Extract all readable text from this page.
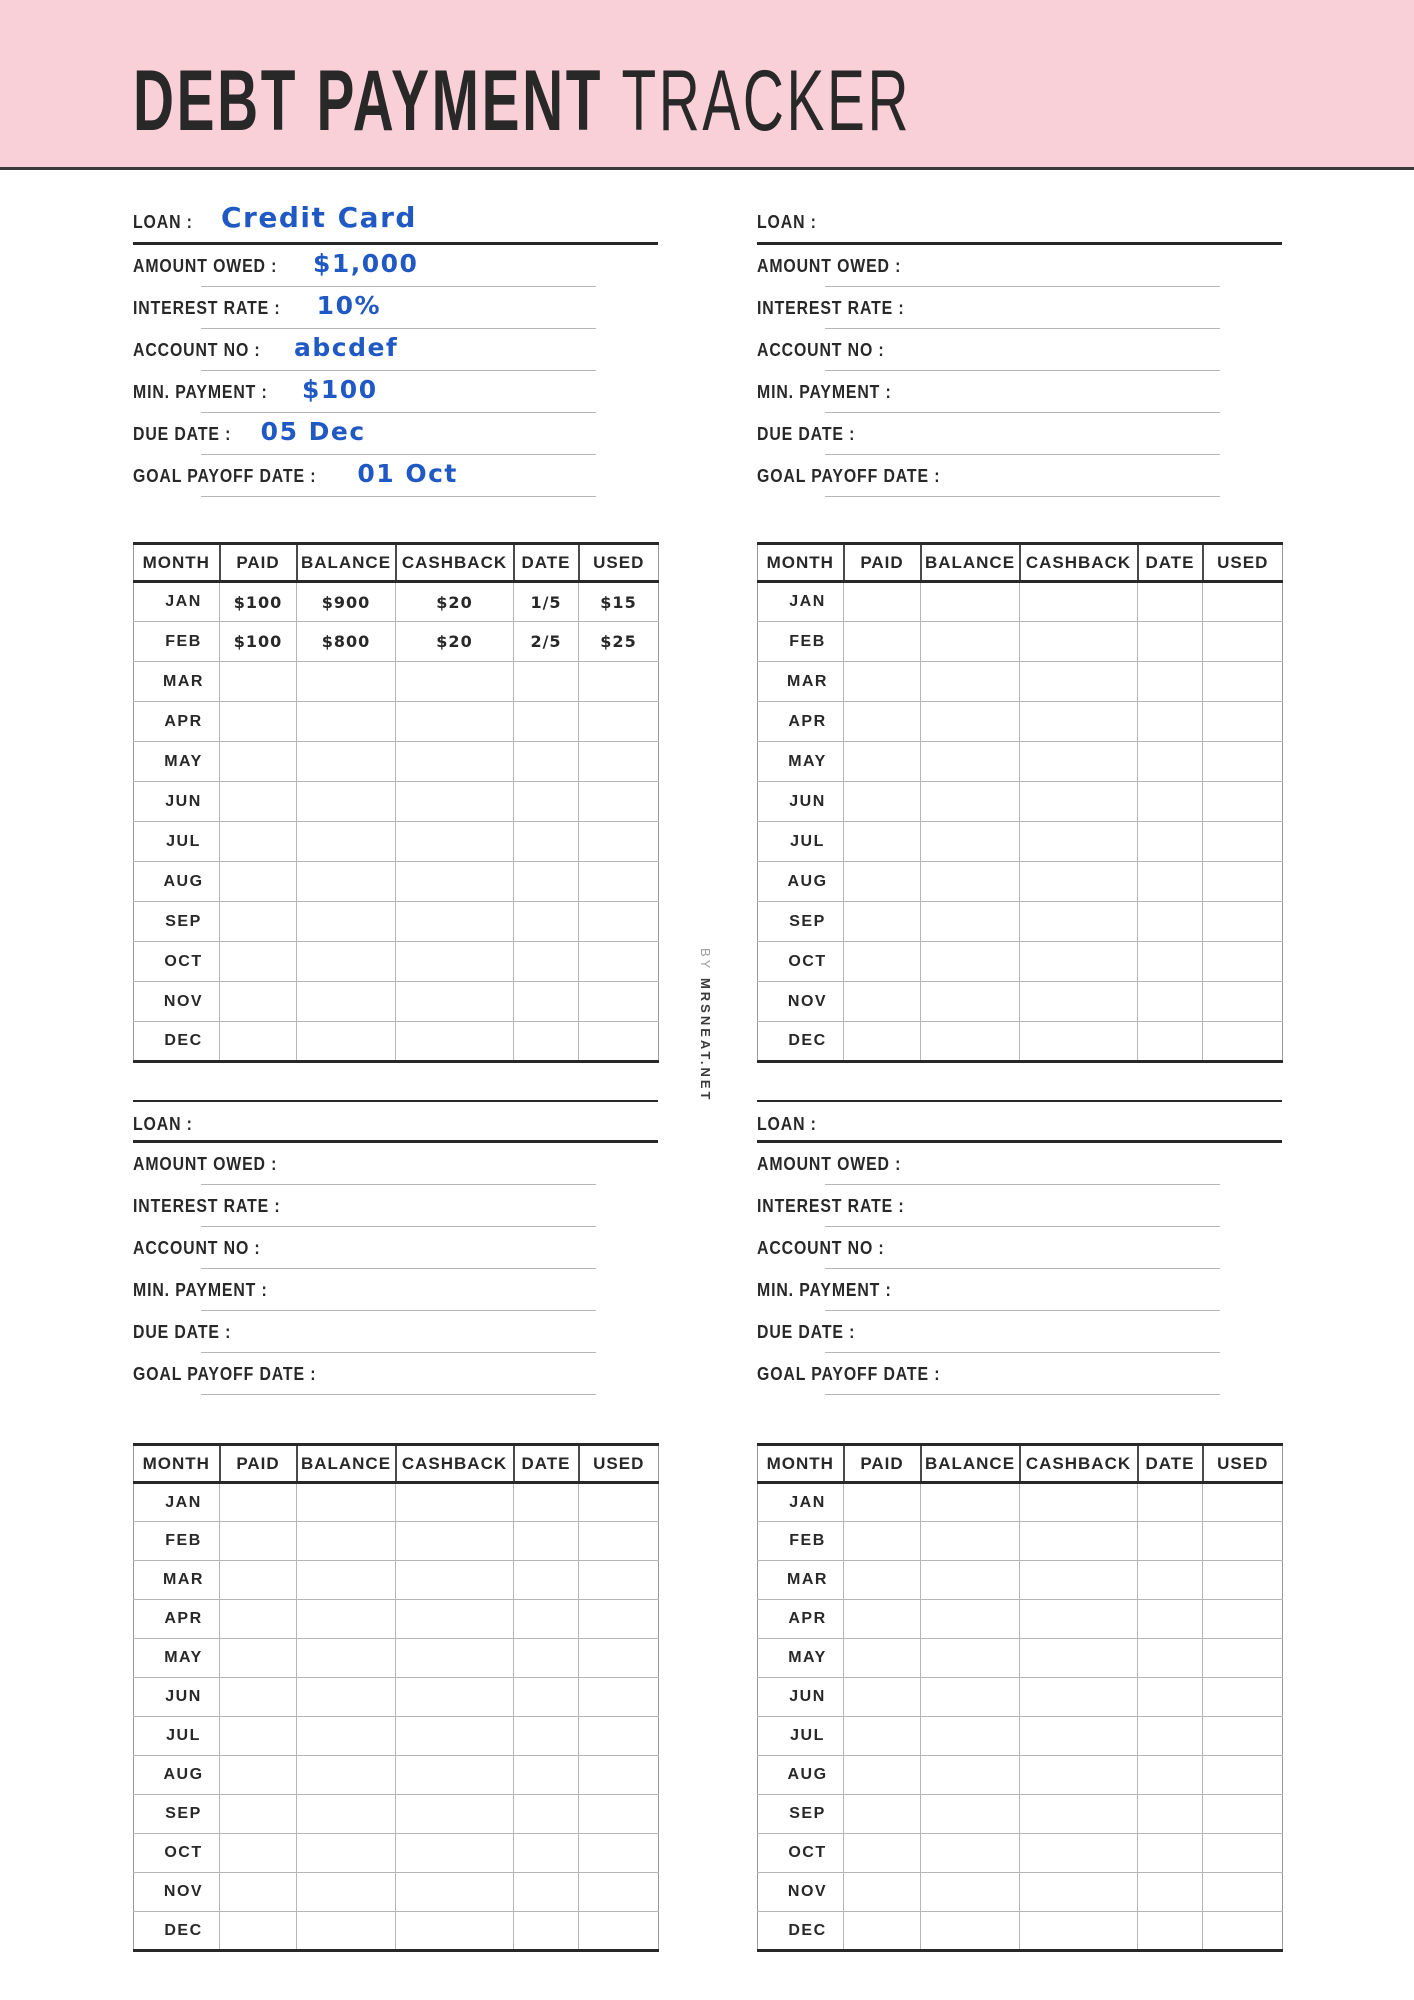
DEBT PAYMENT TRACKER
LOAN : Credit Card
AMOUNT OWED : $1,000
INTEREST RATE : 10%
ACCOUNT NO : abcdef
MIN. PAYMENT : $100
DUE DATE : 05 Dec
GOAL PAYOFF DATE : 01 Oct
LOAN :
AMOUNT OWED :
INTEREST RATE :
ACCOUNT NO :
MIN. PAYMENT :
DUE DATE :
GOAL PAYOFF DATE :
LOAN :
AMOUNT OWED :
INTEREST RATE :
ACCOUNT NO :
MIN. PAYMENT :
DUE DATE :
GOAL PAYOFF DATE :
LOAN :
AMOUNT OWED :
INTEREST RATE :
ACCOUNT NO :
MIN. PAYMENT :
DUE DATE :
GOAL PAYOFF DATE :
MONTH	PAID	BALANCE	CASHBACK	DATE	USED
JAN	$100	$900	$20	1/5	$15
FEB	$100	$800	$20	2/5	$25
MAR					
APR					
MAY					
JUN					
JUL					
AUG					
SEP					
OCT					
NOV					
DEC					
MONTH	PAID	BALANCE	CASHBACK	DATE	USED
JAN					
FEB					
MAR					
APR					
MAY					
JUN					
JUL					
AUG					
SEP					
OCT					
NOV					
DEC					
MONTH	PAID	BALANCE	CASHBACK	DATE	USED
JAN					
FEB					
MAR					
APR					
MAY					
JUN					
JUL					
AUG					
SEP					
OCT					
NOV					
DEC					
MONTH	PAID	BALANCE	CASHBACK	DATE	USED
JAN					
FEB					
MAR					
APR					
MAY					
JUN					
JUL					
AUG					
SEP					
OCT					
NOV					
DEC					
BY MRSNEAT.NET
